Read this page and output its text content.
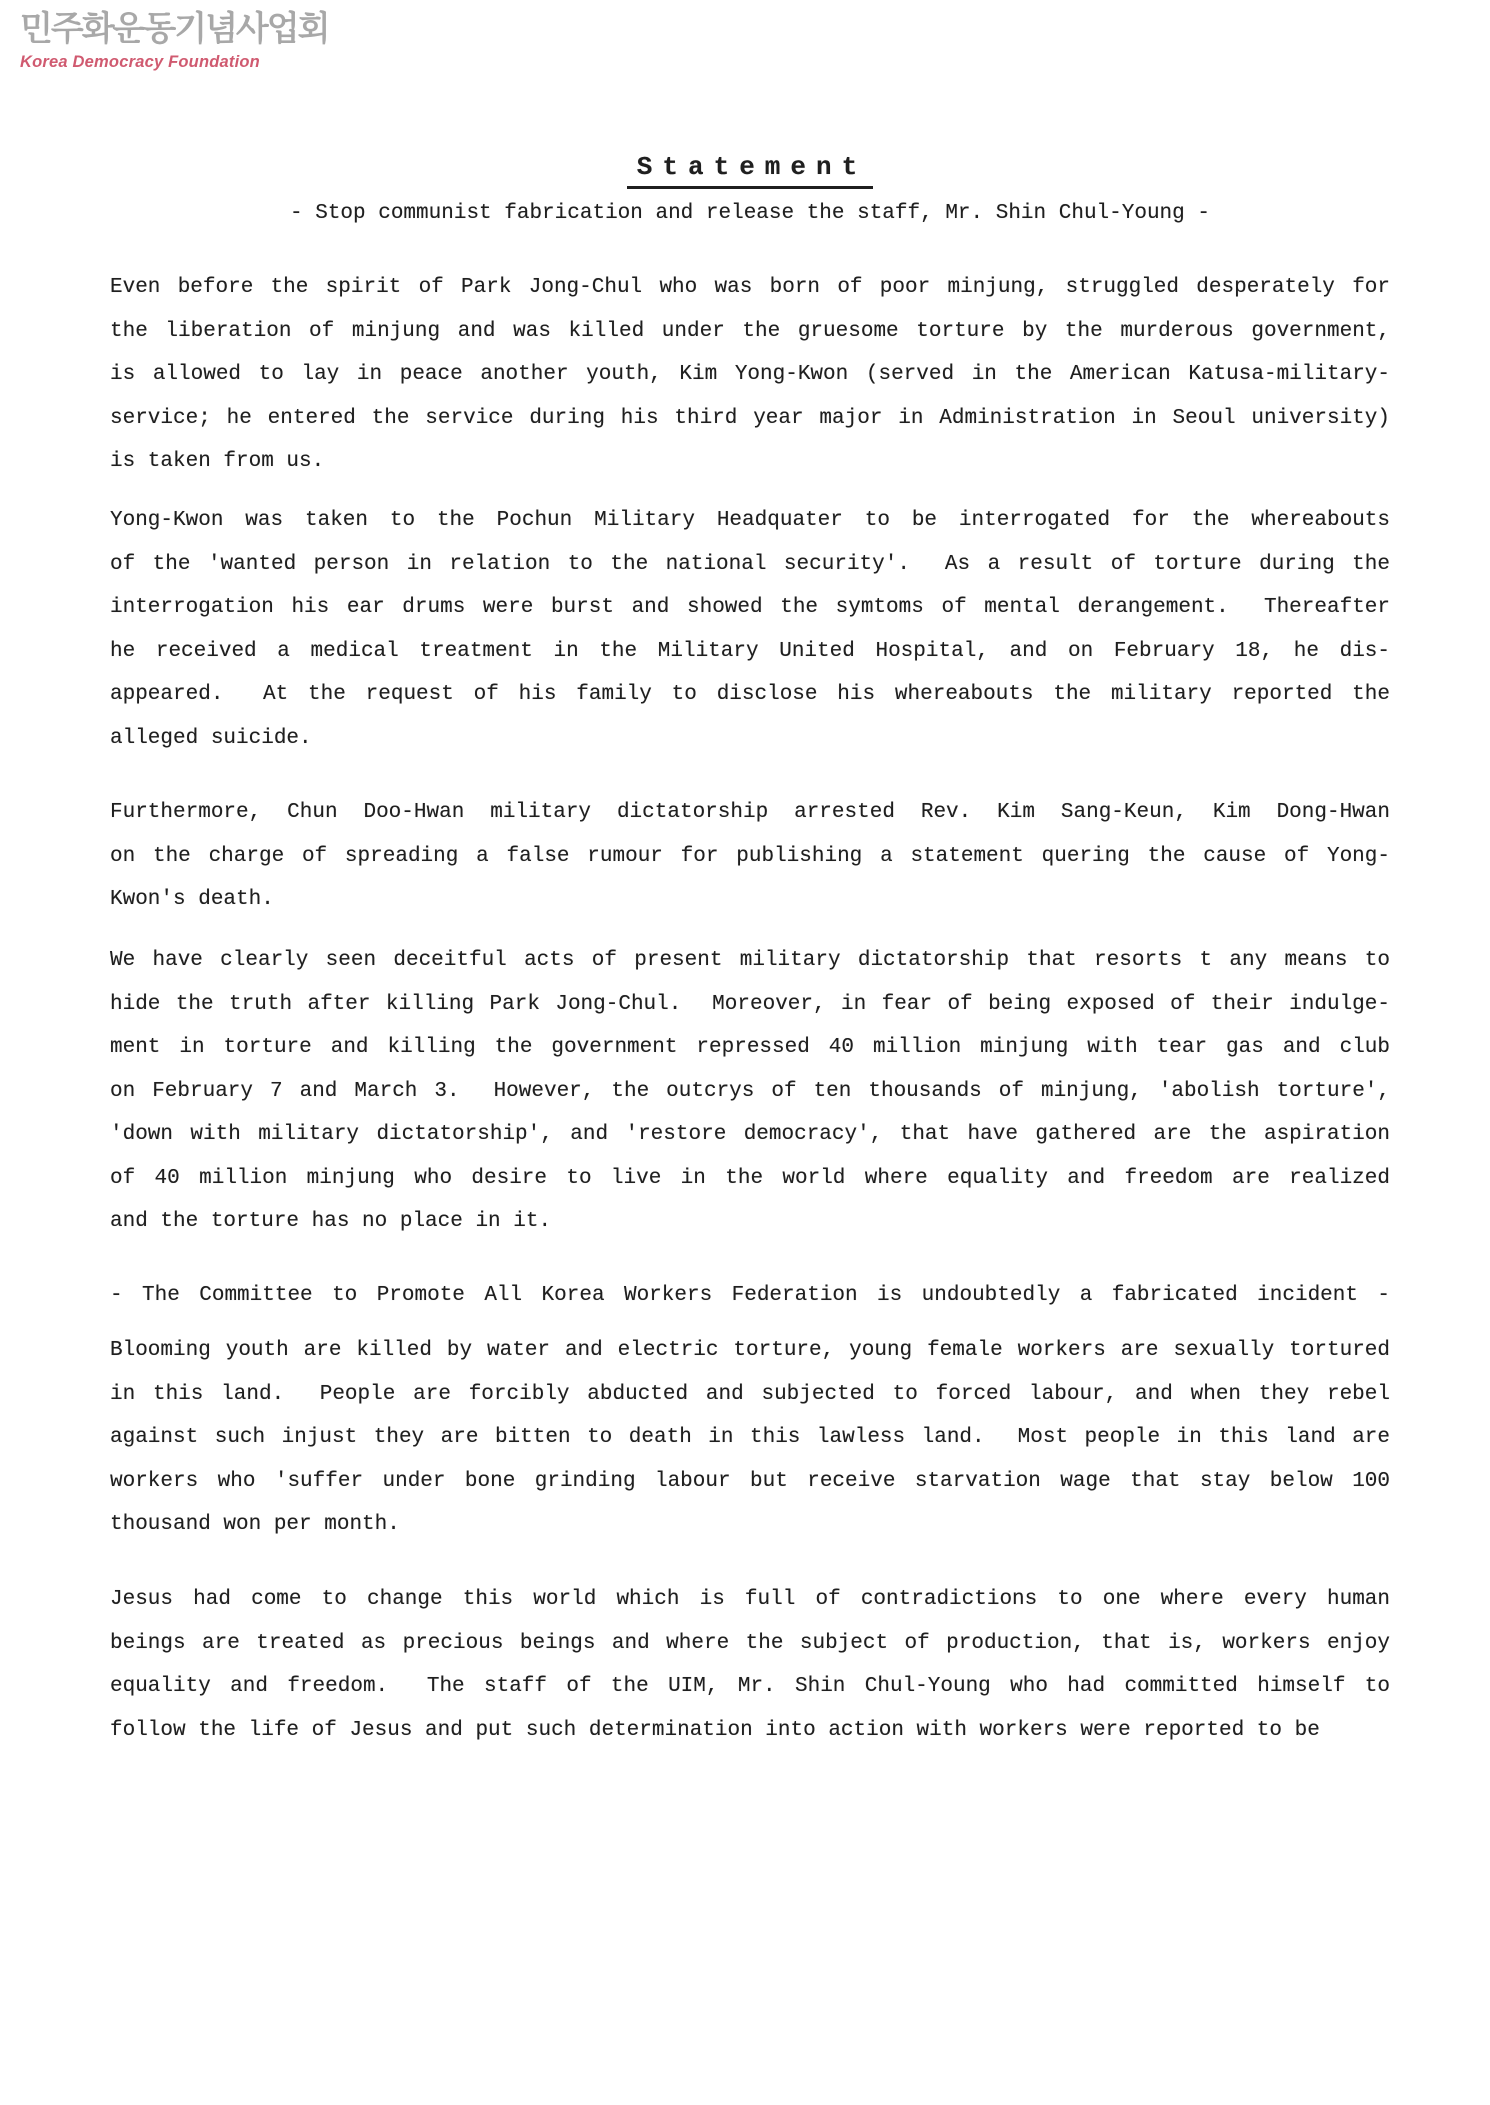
민주화운동기념사업회
Korea Democracy Foundation
Statement
- Stop communist fabrication and release the staff, Mr. Shin Chul-Young -
Even before the spirit of Park Jong-Chul who was born of poor minjung, struggled desperately for
the liberation of minjung and was killed under the gruesome torture by the murderous government,
is allowed to lay in peace another youth, Kim Yong-Kwon (served in the American Katusa-military-
service; he entered the service during his third year major in Administration in Seoul university)
is taken from us.
Yong-Kwon was taken to the Pochun Military Headquater to be interrogated for the whereabouts
of the 'wanted person in relation to the national security'.  As a result of torture during the
interrogation his ear drums were burst and showed the symtoms of mental derangement.  Thereafter
he received a medical treatment in the Military United Hospital, and on February 18, he dis-
appeared.  At the request of his family to disclose his whereabouts the military reported the
alleged suicide.
Furthermore, Chun Doo-Hwan military dictatorship arrested Rev. Kim Sang-Keun, Kim Dong-Hwan
on the charge of spreading a false rumour for publishing a statement quering the cause of Yong-
Kwon's death.
We have clearly seen deceitful acts of present military dictatorship that resorts t any means to
hide the truth after killing Park Jong-Chul.  Moreover, in fear of being exposed of their indulge-
ment in torture and killing the government repressed 40 million minjung with tear gas and club
on February 7 and March 3.  However, the outcrys of ten thousands of minjung, 'abolish torture',
'down with military dictatorship', and 'restore democracy', that have gathered are the aspiration
of 40 million minjung who desire to live in the world where equality and freedom are realized
and the torture has no place in it.
- The Committee to Promote All Korea Workers Federation is undoubtedly a fabricated incident -
Blooming youth are killed by water and electric torture, young female workers are sexually tortured
in this land.  People are forcibly abducted and subjected to forced labour, and when they rebel
against such injust they are bitten to death in this lawless land.  Most people in this land are
workers who 'suffer under bone grinding labour but receive starvation wage that stay below 100
thousand won per month.
Jesus had come to change this world which is full of contradictions to one where every human
beings are treated as precious beings and where the subject of production, that is, workers enjoy
equality and freedom.  The staff of the UIM, Mr. Shin Chul-Young who had committed himself to
follow the life of Jesus and put such determination into action with workers were reported to be
